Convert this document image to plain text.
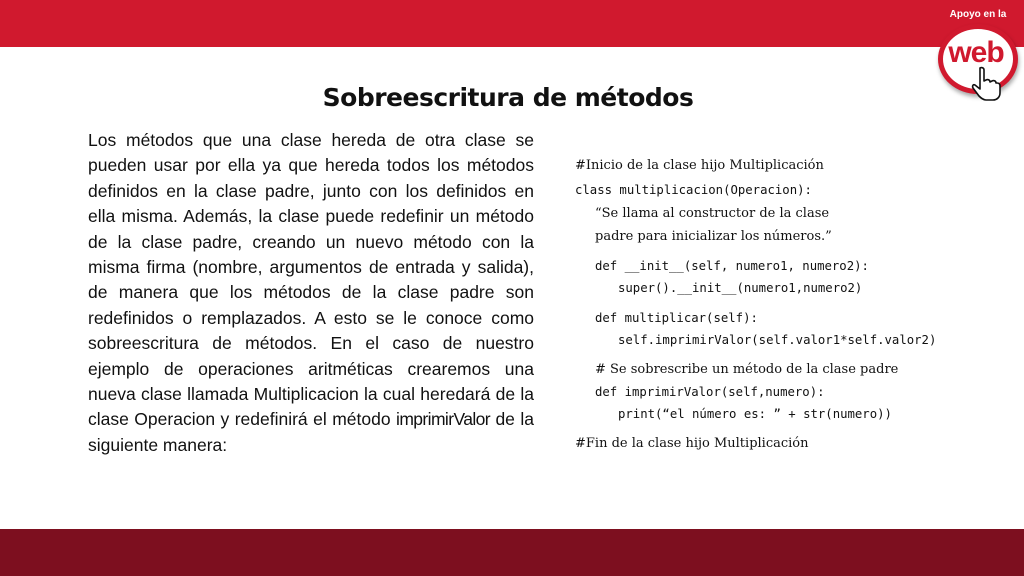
Apoyo en la
web
Sobreescritura de métodos
Los métodos que una clase hereda de otra clase se pueden usar por ella ya que hereda todos los métodos definidos en la clase padre, junto con los definidos en ella misma. Además, la clase puede redefinir un método de la clase padre, creando un nuevo método con la misma firma (nombre, argumentos de entrada y salida), de manera que los métodos de la clase padre son redefinidos o remplazados. A esto se le conoce como sobreescritura de métodos. En el caso de nuestro ejemplo de operaciones aritméticas crearemos una nueva clase llamada Multiplicacion la cual heredará de la clase Operacion y redefinirá el método imprimirValor de la siguiente manera:
#Inicio de la clase hijo Multiplicación
class multiplicacion(Operacion):
“Se llama al constructor de la clase
padre para inicializar los números.”
def __init__(self, numero1, numero2):
super().__init__(numero1,numero2)
def multiplicar(self):
self.imprimirValor(self.valor1*self.valor2)
# Se sobrescribe un método de la clase padre
def imprimirValor(self,numero):
print(“el número es: ” + str(numero))
#Fin de la clase hijo Multiplicación
